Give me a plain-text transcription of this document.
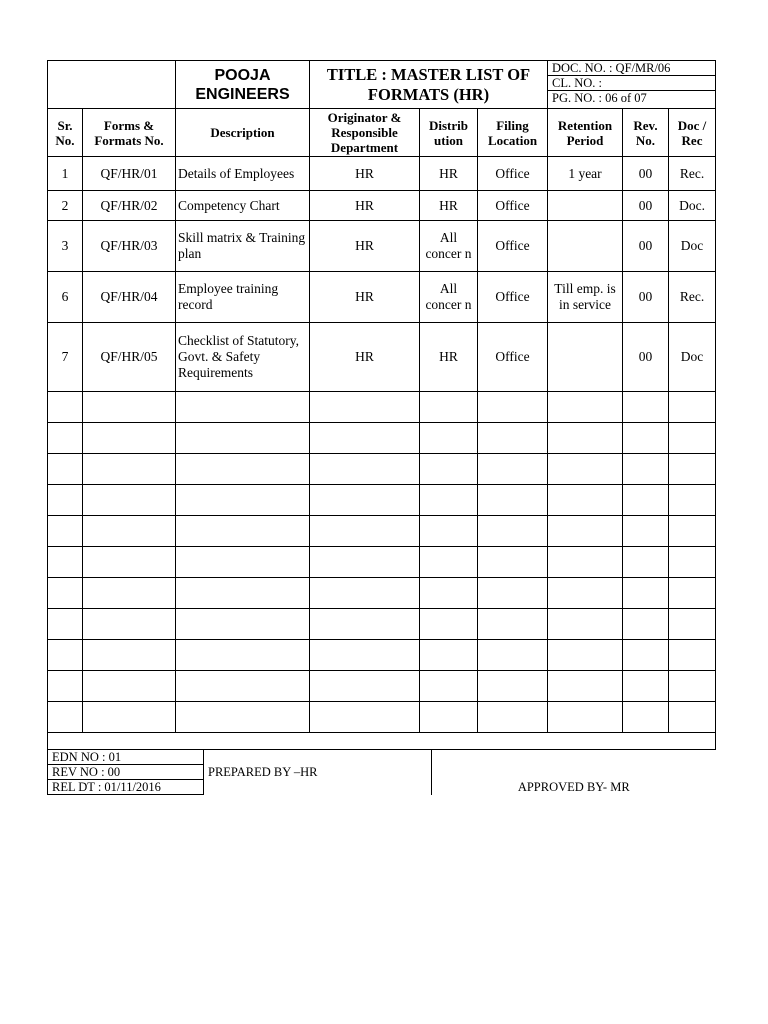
	POOJA ENGINEERS	TITLE : MASTER LIST OF FORMATS (HR)	
DOC. NO. : QF/MR/06
CL. NO. :
PG. NO. : 06 of 07

Sr. No.	Forms & Formats No.	Description	Originator & Responsible Department	Distrib ution	Filing Location	Retention Period	Rev. No.	Doc / Rec
1	QF/HR/01	Details of Employees	HR	HR	Office	1 year	00	Rec.
2	QF/HR/02	Competency Chart	HR	HR	Office		00	Doc.
3	QF/HR/03	Skill matrix & Training plan	HR	All concer n	Office		00	Doc
6	QF/HR/04	Employee training record	HR	All concer n	Office	Till emp. is in service	00	Rec.
7	QF/HR/05	Checklist of Statutory, Govt. & Safety Requirements	HR	HR	Office		00	Doc

EDN NO : 01	PREPARED BY –HR	APPROVED BY- MR
REV NO : 00
REL DT : 01/11/2016
